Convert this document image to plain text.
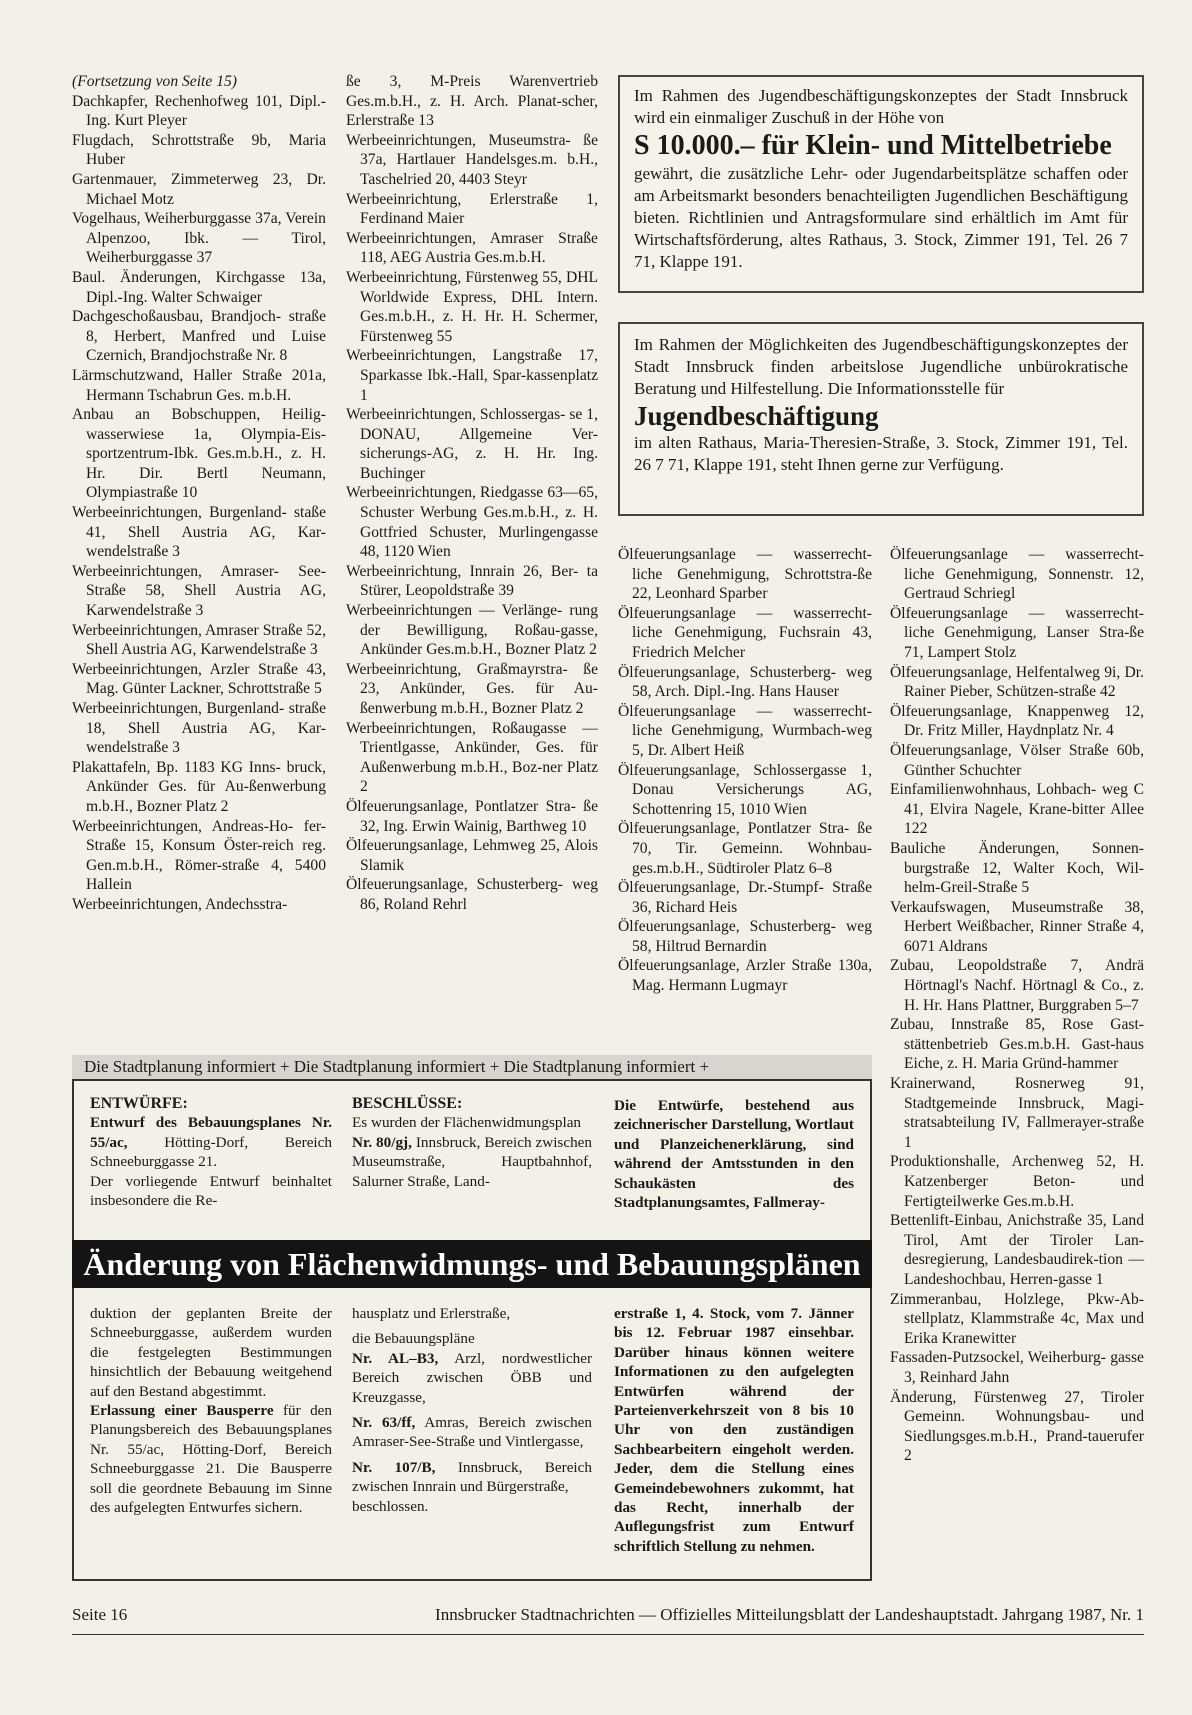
(Fortsetzung von Seite 15)

Dachkapfer, Rechenhofweg 101, Dipl.-Ing. Kurt Pleyer

Flugdach, Schrottstraße 9b, Maria Huber

Gartenmauer, Zimmeterweg 23, Dr. Michael Motz

Vogelhaus, Weiherburggasse 37a, Verein Alpenzoo, Ibk. — Tirol, Weiherburggasse 37

Baul. Änderungen, Kirchgasse 13a, Dipl.-Ing. Walter Schwaiger

Dachgeschoßausbau, Brandjoch- straße 8, Herbert, Manfred und Luise Czernich, Brandjochstraße Nr. 8

Lärmschutzwand, Haller Straße 201a, Hermann Tschabrun Ges. m.b.H.

Anbau an Bobschuppen, Heilig- wasserwiese 1a, Olympia-Eis-sportzentrum-Ibk. Ges.m.b.H., z. H. Hr. Dir. Bertl Neumann, Olympiastraße 10

Werbeeinrichtungen, Burgenland- staße 41, Shell Austria AG, Kar-wendelstraße 3

Werbeeinrichtungen, Amraser- See-Straße 58, Shell Austria AG, Karwendelstraße 3

Werbeeinrichtungen, Amraser Straße 52, Shell Austria AG, Karwendelstraße 3

Werbeeinrichtungen, Arzler Straße 43, Mag. Günter Lackner, Schrottstraße 5

Werbeeinrichtungen, Burgenland- straße 18, Shell Austria AG, Kar-wendelstraße 3

Plakattafeln, Bp. 1183 KG Inns- bruck, Ankünder Ges. für Au-ßenwerbung m.b.H., Bozner Platz 2

Werbeeinrichtungen, Andreas-Ho- fer-Straße 15, Konsum Öster-reich reg. Gen.m.b.H., Römer-straße 4, 5400 Hallein

Werbeeinrichtungen, Andechsstra-

ße 3, M-Preis Warenvertrieb Ges.m.b.H., z. H. Arch. Planat-scher, Erlerstraße 13

Werbeeinrichtungen, Museumstra- ße 37a, Hartlauer Handelsges.m. b.H., Taschelried 20, 4403 Steyr

Werbeeinrichtung, Erlerstraße 1, Ferdinand Maier

Werbeeinrichtungen, Amraser Straße 118, AEG Austria Ges.m.b.H.

Werbeeinrichtung, Fürstenweg 55, DHL Worldwide Express, DHL Intern. Ges.m.b.H., z. H. Hr. H. Schermer, Fürstenweg 55

Werbeeinrichtungen, Langstraße 17, Sparkasse Ibk.-Hall, Spar-kassenplatz 1

Werbeeinrichtungen, Schlossergas- se 1, DONAU, Allgemeine Ver-sicherungs-AG, z. H. Hr. Ing. Buchinger

Werbeeinrichtungen, Riedgasse 63—65, Schuster Werbung Ges.m.b.H., z. H. Gottfried Schuster, Murlingengasse 48, 1120 Wien

Werbeeinrichtung, Innrain 26, Ber- ta Stürer, Leopoldstraße 39

Werbeeinrichtungen — Verlänge- rung der Bewilligung, Roßau-gasse, Ankünder Ges.m.b.H., Bozner Platz 2

Werbeeinrichtung, Graßmayrstra- ße 23, Ankünder, Ges. für Au-ßenwerbung m.b.H., Bozner Platz 2

Werbeeinrichtungen, Roßaugasse — Trientlgasse, Ankünder, Ges. für Außenwerbung m.b.H., Boz-ner Platz 2

Ölfeuerungsanlage, Pontlatzer Stra- ße 32, Ing. Erwin Wainig, Barthweg 10

Ölfeuerungsanlage, Lehmweg 25, Alois Slamik

Ölfeuerungsanlage, Schusterberg- weg 86, Roland Rehrl

Im Rahmen des Jugendbeschäftigungskonzeptes der Stadt Innsbruck wird ein einmaliger Zuschuß in der Höhe von

S 10.000.– für Klein- und Mittelbetriebe

gewährt, die zusätzliche Lehr- oder Jugendarbeitsplätze schaffen oder am Arbeitsmarkt besonders benachteiligten Jugendlichen Beschäftigung bieten. Richtlinien und Antragsformulare sind erhältlich im Amt für Wirtschaftsförderung, altes Rathaus, 3. Stock, Zimmer 191, Tel. 26 7 71, Klappe 191.

Im Rahmen der Möglichkeiten des Jugendbeschäftigungskonzeptes der Stadt Innsbruck finden arbeitslose Jugendliche unbürokratische Beratung und Hilfestellung. Die Informationsstelle für

Jugendbeschäftigung

im alten Rathaus, Maria-Theresien-Straße, 3. Stock, Zimmer 191, Tel. 26 7 71, Klappe 191, steht Ihnen gerne zur Verfügung.

Ölfeuerungsanlage — wasserrecht- liche Genehmigung, Schrottstra-ße 22, Leonhard Sparber

Ölfeuerungsanlage — wasserrecht- liche Genehmigung, Fuchsrain 43, Friedrich Melcher

Ölfeuerungsanlage, Schusterberg- weg 58, Arch. Dipl.-Ing. Hans Hauser

Ölfeuerungsanlage — wasserrecht- liche Genehmigung, Wurmbach-weg 5, Dr. Albert Heiß

Ölfeuerungsanlage, Schlossergasse 1, Donau Versicherungs AG, Schottenring 15, 1010 Wien

Ölfeuerungsanlage, Pontlatzer Stra- ße 70, Tir. Gemeinn. Wohnbau-ges.m.b.H., Südtiroler Platz 6–8

Ölfeuerungsanlage, Dr.-Stumpf- Straße 36, Richard Heis

Ölfeuerungsanlage, Schusterberg- weg 58, Hiltrud Bernardin

Ölfeuerungsanlage, Arzler Straße 130a, Mag. Hermann Lugmayr

Ölfeuerungsanlage — wasserrecht- liche Genehmigung, Sonnenstr. 12, Gertraud Schriegl

Ölfeuerungsanlage — wasserrecht- liche Genehmigung, Lanser Stra-ße 71, Lampert Stolz

Ölfeuerungsanlage, Helfentalweg 9i, Dr. Rainer Pieber, Schützen-straße 42

Ölfeuerungsanlage, Knappenweg 12, Dr. Fritz Miller, Haydnplatz Nr. 4

Ölfeuerungsanlage, Völser Straße 60b, Günther Schuchter

Einfamilienwohnhaus, Lohbach- weg C 41, Elvira Nagele, Krane-bitter Allee 122

Bauliche Änderungen, Sonnen- burgstraße 12, Walter Koch, Wil-helm-Greil-Straße 5

Verkaufswagen, Museumstraße 38, Herbert Weißbacher, Rinner Straße 4, 6071 Aldrans

Zubau, Leopoldstraße 7, Andrä Hörtnagl's Nachf. Hörtnagl & Co., z. H. Hr. Hans Plattner, Burggraben 5–7

Zubau, Innstraße 85, Rose Gast- stättenbetrieb Ges.m.b.H. Gast-haus Eiche, z. H. Maria Gründ-hammer

Krainerwand, Rosnerweg 91, Stadtgemeinde Innsbruck, Magi-stratsabteilung IV, Fallmerayer-straße 1

Produktionshalle, Archenweg 52, H. Katzenberger Beton- und Fertigteilwerke Ges.m.b.H.

Bettenlift-Einbau, Anichstraße 35, Land Tirol, Amt der Tiroler Lan-desregierung, Landesbaudirek-tion — Landeshochbau, Herren-gasse 1

Zimmeranbau, Holzlege, Pkw-Ab- stellplatz, Klammstraße 4c, Max und Erika Kranewitter

Fassaden-Putzsockel, Weiherburg- gasse 3, Reinhard Jahn

Änderung, Fürstenweg 27, Tiroler Gemeinn. Wohnungsbau- und Siedlungsges.m.b.H., Prand-tauerufer 2

Die Stadtplanung informiert + Die Stadtplanung informiert + Die Stadtplanung informiert +

ENTWÜRFE:

Entwurf des Bebauungsplanes Nr. 55/ac, Hötting-Dorf, Bereich Schneeburggasse 21.

Der vorliegende Entwurf beinhaltet insbesondere die Re-

BESCHLÜSSE:

Es wurden der Flächenwidmungsplan

Nr. 80/gj, Innsbruck, Bereich zwischen Museumstraße, Hauptbahnhof, Salurner Straße, Land-

Die Entwürfe, bestehend aus zeichnerischer Darstellung, Wortlaut und Planzeichenerklärung, sind während der Amtsstunden in den Schaukästen des Stadtplanungsamtes, Fallmeray-

Änderung von Flächenwidmungs- und Bebauungsplänen

duktion der geplanten Breite der Schneeburggasse, außerdem wurden die festgelegten Bestimmungen hinsichtlich der Bebauung weitgehend auf den Bestand abgestimmt.

Erlassung einer Bausperre für den Planungsbereich des Bebauungsplanes Nr. 55/ac, Hötting-Dorf, Bereich Schneeburggasse 21. Die Bausperre soll die geordnete Bebauung im Sinne des aufgelegten Entwurfes sichern.

hausplatz und Erlerstraße,

die Bebauungspläne

Nr. AL–B3, Arzl, nordwestlicher Bereich zwischen ÖBB und Kreuzgasse,

Nr. 63/ff, Amras, Bereich zwischen Amraser-See-Straße und Vintlergasse,

Nr. 107/B, Innsbruck, Bereich zwischen Innrain und Bürgerstraße,

beschlossen.

erstraße 1, 4. Stock, vom 7. Jänner bis 12. Februar 1987 einsehbar. Darüber hinaus können weitere Informationen zu den aufgelegten Entwürfen während der Parteienverkehrszeit von 8 bis 10 Uhr von den zuständigen Sachbearbeitern eingeholt werden. Jeder, dem die Stellung eines Gemeindebewohners zukommt, hat das Recht, innerhalb der Auflegungsfrist zum Entwurf schriftlich Stellung zu nehmen.

Seite 16	Innsbrucker Stadtnachrichten — Offizielles Mitteilungsblatt der Landeshauptstadt. Jahrgang 1987, Nr. 1
